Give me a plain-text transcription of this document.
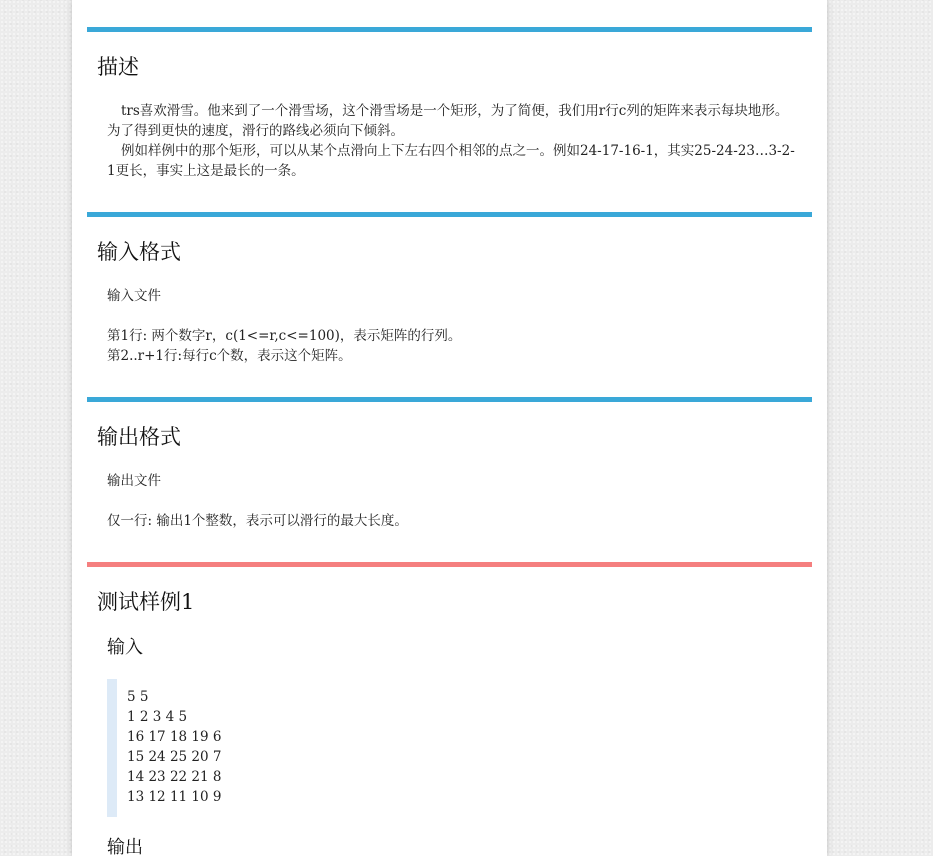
描述

trs喜欢滑雪。他来到了一个滑雪场，这个滑雪场是一个矩形，为了简便，我们用r行c列的矩阵来表示每块地形。为了得到更快的速度，滑行的路线必须向下倾斜。

例如样例中的那个矩形，可以从某个点滑向上下左右四个相邻的点之一。例如24-17-16-1，其实25-24-23…3-2-1更长，事实上这是最长的一条。

输入格式

输入文件

第1行: 两个数字r，c(1<=r,c<=100)，表示矩阵的行列。

第2..r+1行:每行c个数，表示这个矩阵。

输出格式

输出文件

仅一行: 输出1个整数，表示可以滑行的最大长度。

测试样例1
输入
5 5
1 2 3 4 5
16 17 18 19 6
15 24 25 20 7
14 23 22 21 8
13 12 11 10 9
输出
